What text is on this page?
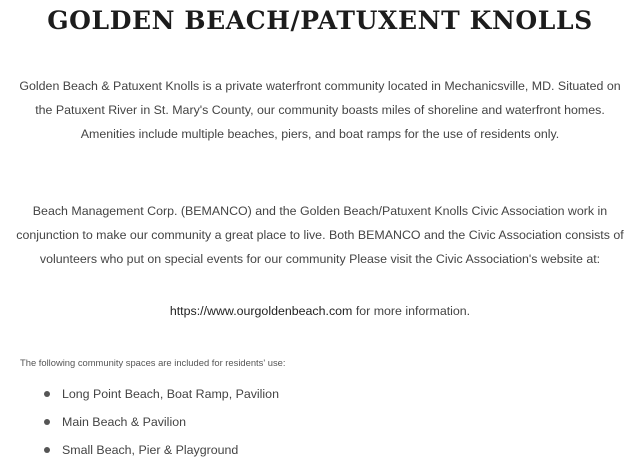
GOLDEN BEACH/PATUXENT KNOLLS

Golden Beach & Patuxent Knolls is a private waterfront community located in Mechanicsville, MD. Situated on the Patuxent River in St. Mary's County, our community boasts miles of shoreline and waterfront homes. Amenities include multiple beaches, piers, and boat ramps for the use of residents only.

Beach Management Corp. (BEMANCO) and the Golden Beach/Patuxent Knolls Civic Association work in conjunction to make our community a great place to live. Both BEMANCO and the Civic Association consists of volunteers who put on special events for our community Please visit the Civic Association's website at:

https://www.ourgoldenbeach.com for more information.

The following community spaces are included for residents' use:

Long Point Beach, Boat Ramp, Pavilion
Main Beach & Pavilion
Small Beach, Pier & Playground
